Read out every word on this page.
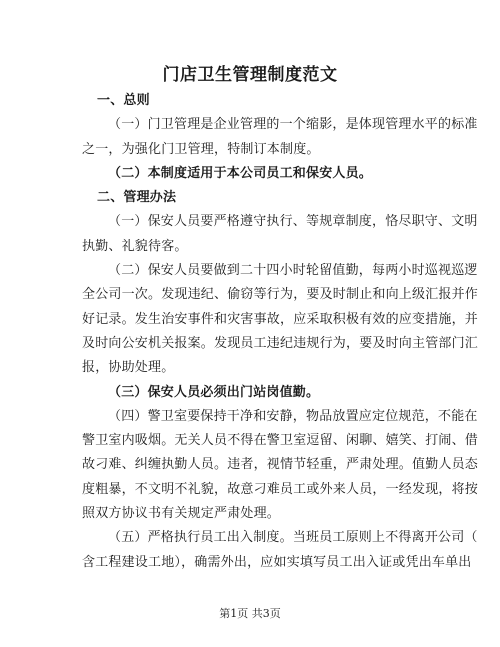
门店卫生管理制度范文
一、总则
（一）门卫管理是企业管理的一个缩影，是体现管理水平的标准
之一，为强化门卫管理，特制订本制度。
（二）本制度适用于本公司员工和保安人员。
二、管理办法
（一）保安人员要严格遵守执行、等规章制度，恪尽职守、文明
执勤、礼貌待客。
（二）保安人员要做到二十四小时轮留值勤，每两小时巡视巡逻
全公司一次。发现违纪、偷窃等行为，要及时制止和向上级汇报并作
好记录。发生治安事件和灾害事故，应采取积极有效的应变措施，并
及时向公安机关报案。发现员工违纪违规行为，要及时向主管部门汇
报，协助处理。
（三）保安人员必须出门站岗值勤。
（四）警卫室要保持干净和安静，物品放置应定位规范，不能在
警卫室内吸烟。无关人员不得在警卫室逗留、闲聊、嬉笑、打闹、借
故刁难、纠缠执勤人员。违者，视情节轻重，严肃处理。值勤人员态
度粗暴，不文明不礼貌，故意刁难员工或外来人员，一经发现，将按
照双方协议书有关规定严肃处理。
（五）严格执行员工出入制度。当班员工原则上不得离开公司（
含工程建设工地），确需外出，应如实填写员工出入证或凭出车单出
第1页 共3页
